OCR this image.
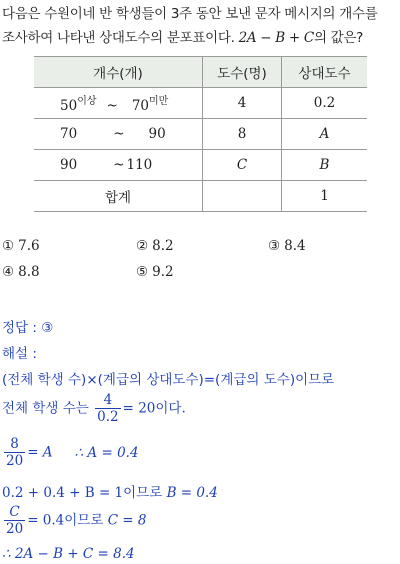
다음은 수원이네 반 학생들이 3주 동안 보낸 문자 메시지의 개수를
조사하여 나타낸 상대도수의 분포표이다. 2A − B + C의 값은?
개수(개)	도수(명)	상대도수
$50^{이상}$ ~ $70^{미만}$	4	0.2
70 ~ 90	8	A
90 ~ 110	C	B
합계		1
① 7.6	② 8.2	③ 8.4
④ 8.8	⑤ 9.2
정답 : ③
해설 :
(전체 학생 수)×(계급의 상대도수)=(계급의 도수)이므로
전체 학생 수는 $\frac{4}{0.2} = 20$이다.
$\frac{8}{20} = A$ ∴ A = 0.4
0.2 + 0.4 + B = 1이므로 B = 0.4
$\frac{C}{20} = 0.4$이므로 C = 8
∴ 2A − B + C = 8.4
